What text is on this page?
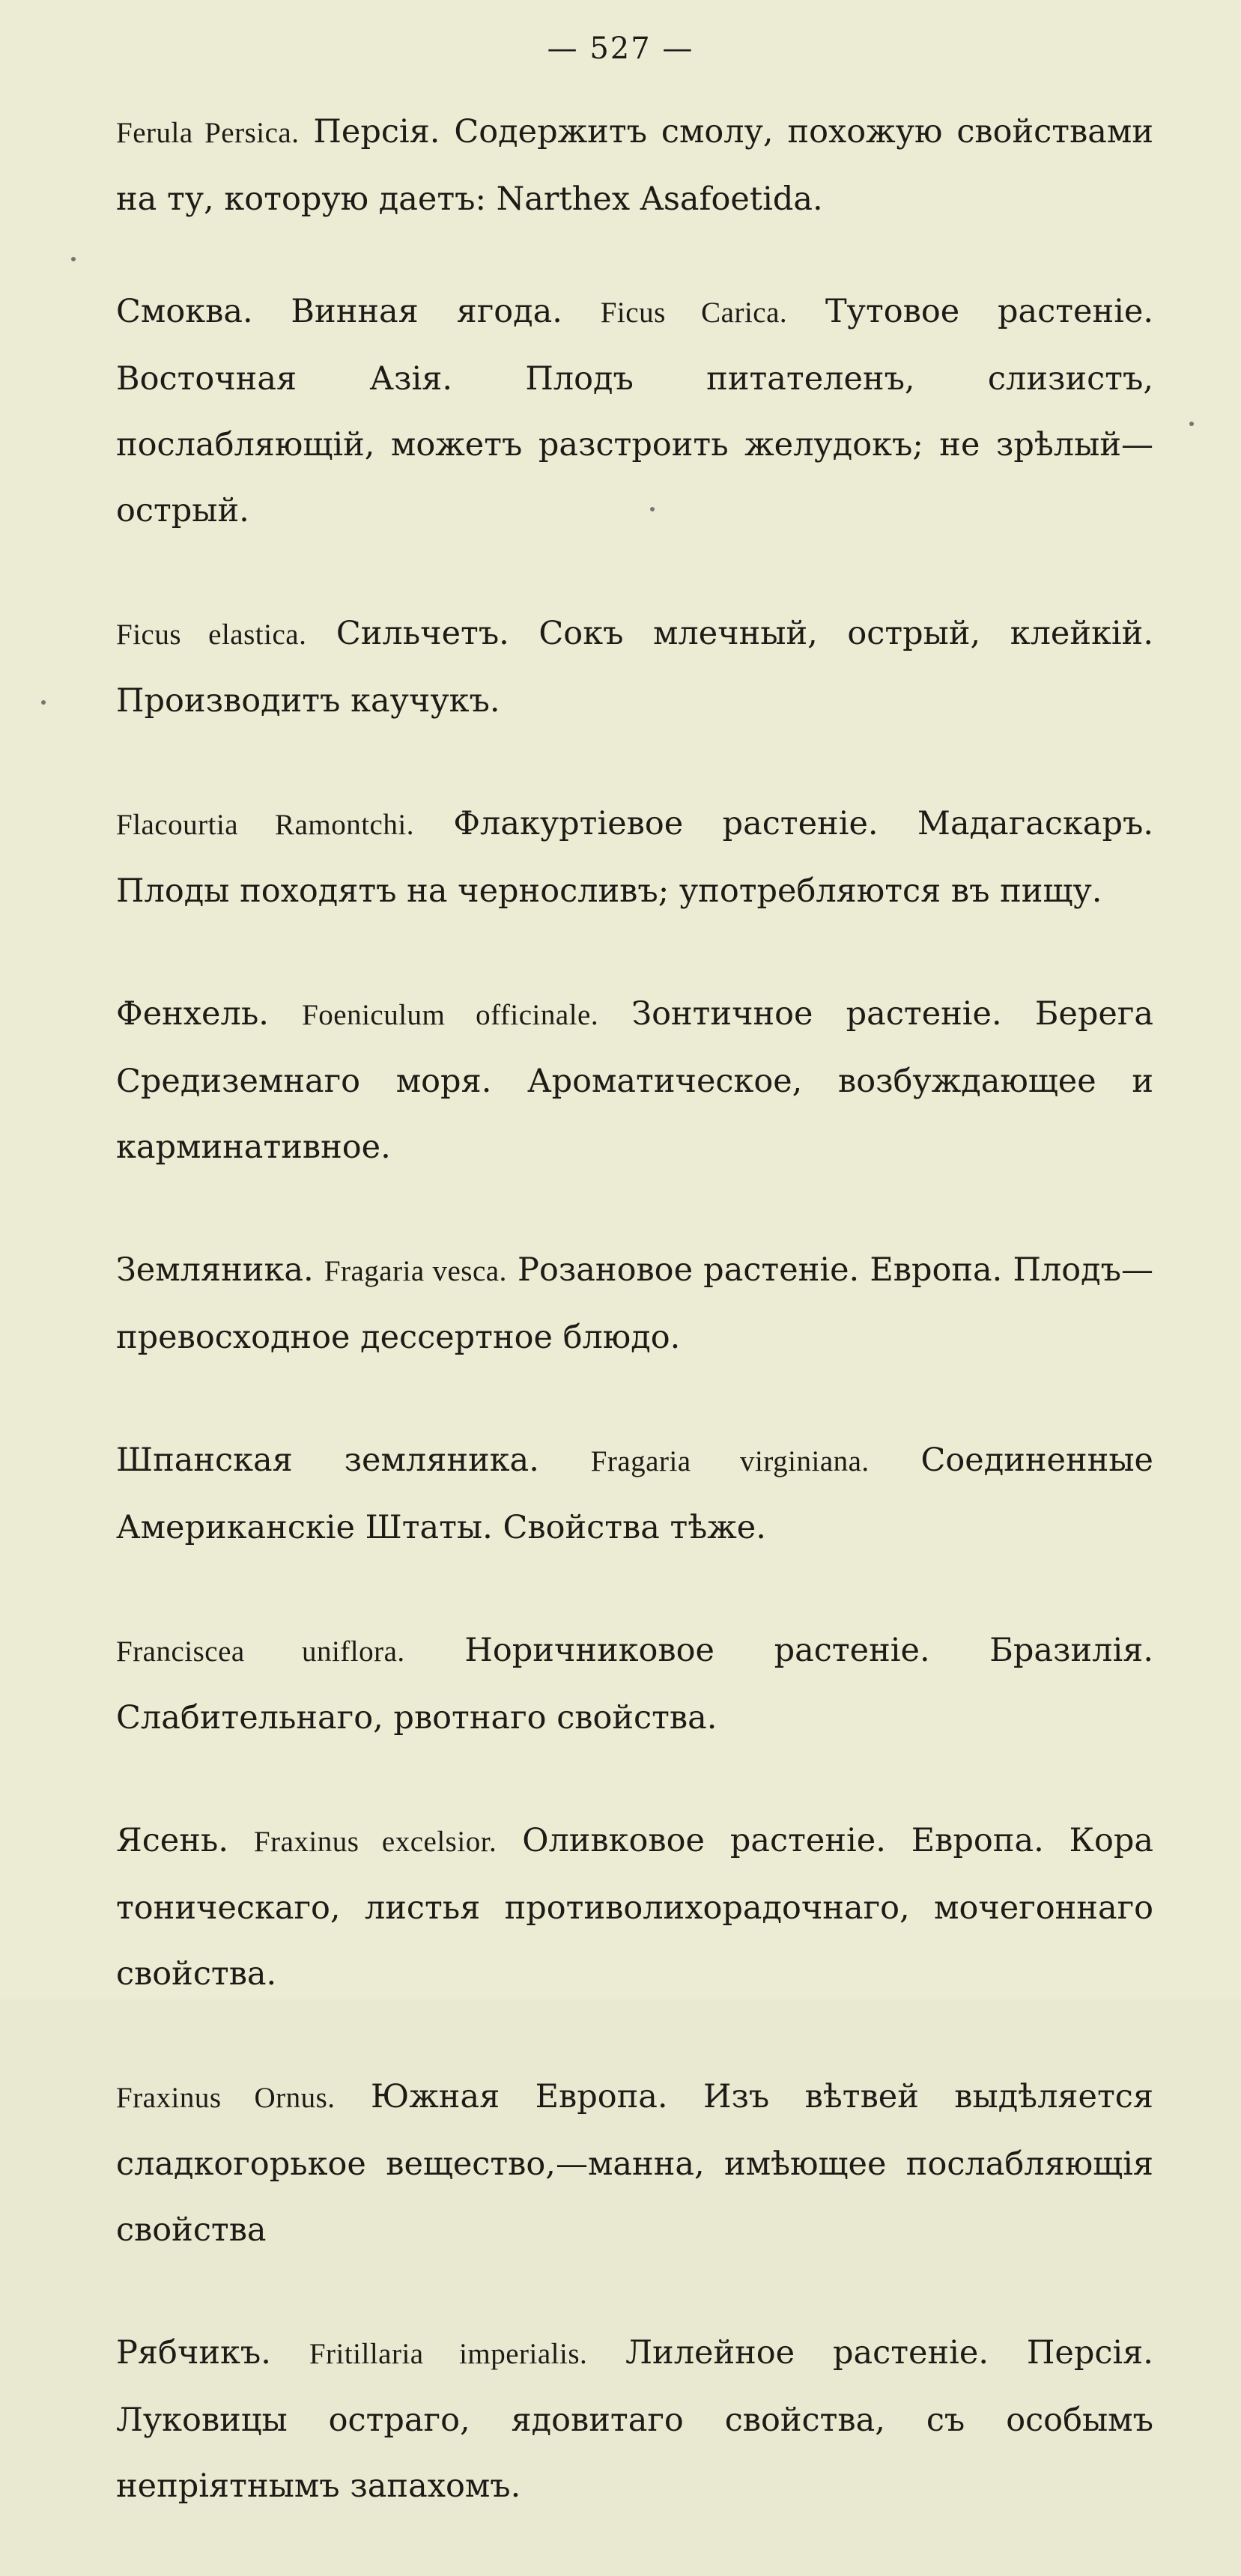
— 527 —

Ferula Persica. Персія. Содержитъ смолу, похожую свойствами на ту, которую даетъ: Narthex Asafoetida.

Смоква. Винная ягода. Ficus Carica. Тутовое растеніе. Восточная Азія. Плодъ питателенъ, слизистъ, послабляющій, можетъ разстроить желудокъ; не зрѣлый—острый.

Ficus elastica. Сильчетъ. Сокъ млечный, острый, клейкій. Производитъ каучукъ.

Flacourtia Ramontchi. Флакуртіевое растеніе. Мадагаскаръ. Плоды походятъ на черносливъ; употребляются въ пищу.

Фенхель. Foeniculum officinale. Зонтичное растеніе. Берега Средиземнаго моря. Ароматическое, возбуждающее и карминативное.

Земляника. Fragaria vesca. Розановое растеніе. Европа. Плодъ—превосходное дессертное блюдо.

Шпанская земляника. Fragaria virginiana. Соединенные Американскіе Штаты. Свойства тѣже.

Franciscea uniflora. Норичниковое растеніе. Бразилія. Слабительнаго, рвотнаго свойства.

Ясень. Fraxinus excelsior. Оливковое растеніе. Европа. Кора тоническаго, листья противолихорадочнаго, мочегоннаго свойства.

Fraxinus Ornus. Южная Европа. Изъ вѣтвей выдѣляется сладкогорькое вещество,—манна, имѣющее послабляющія свойства

Рябчикъ. Fritillaria imperialis. Лилейное растеніе. Персія. Луковицы остраго, ядовитаго свойства, съ особымъ непріятнымъ запахомъ.
